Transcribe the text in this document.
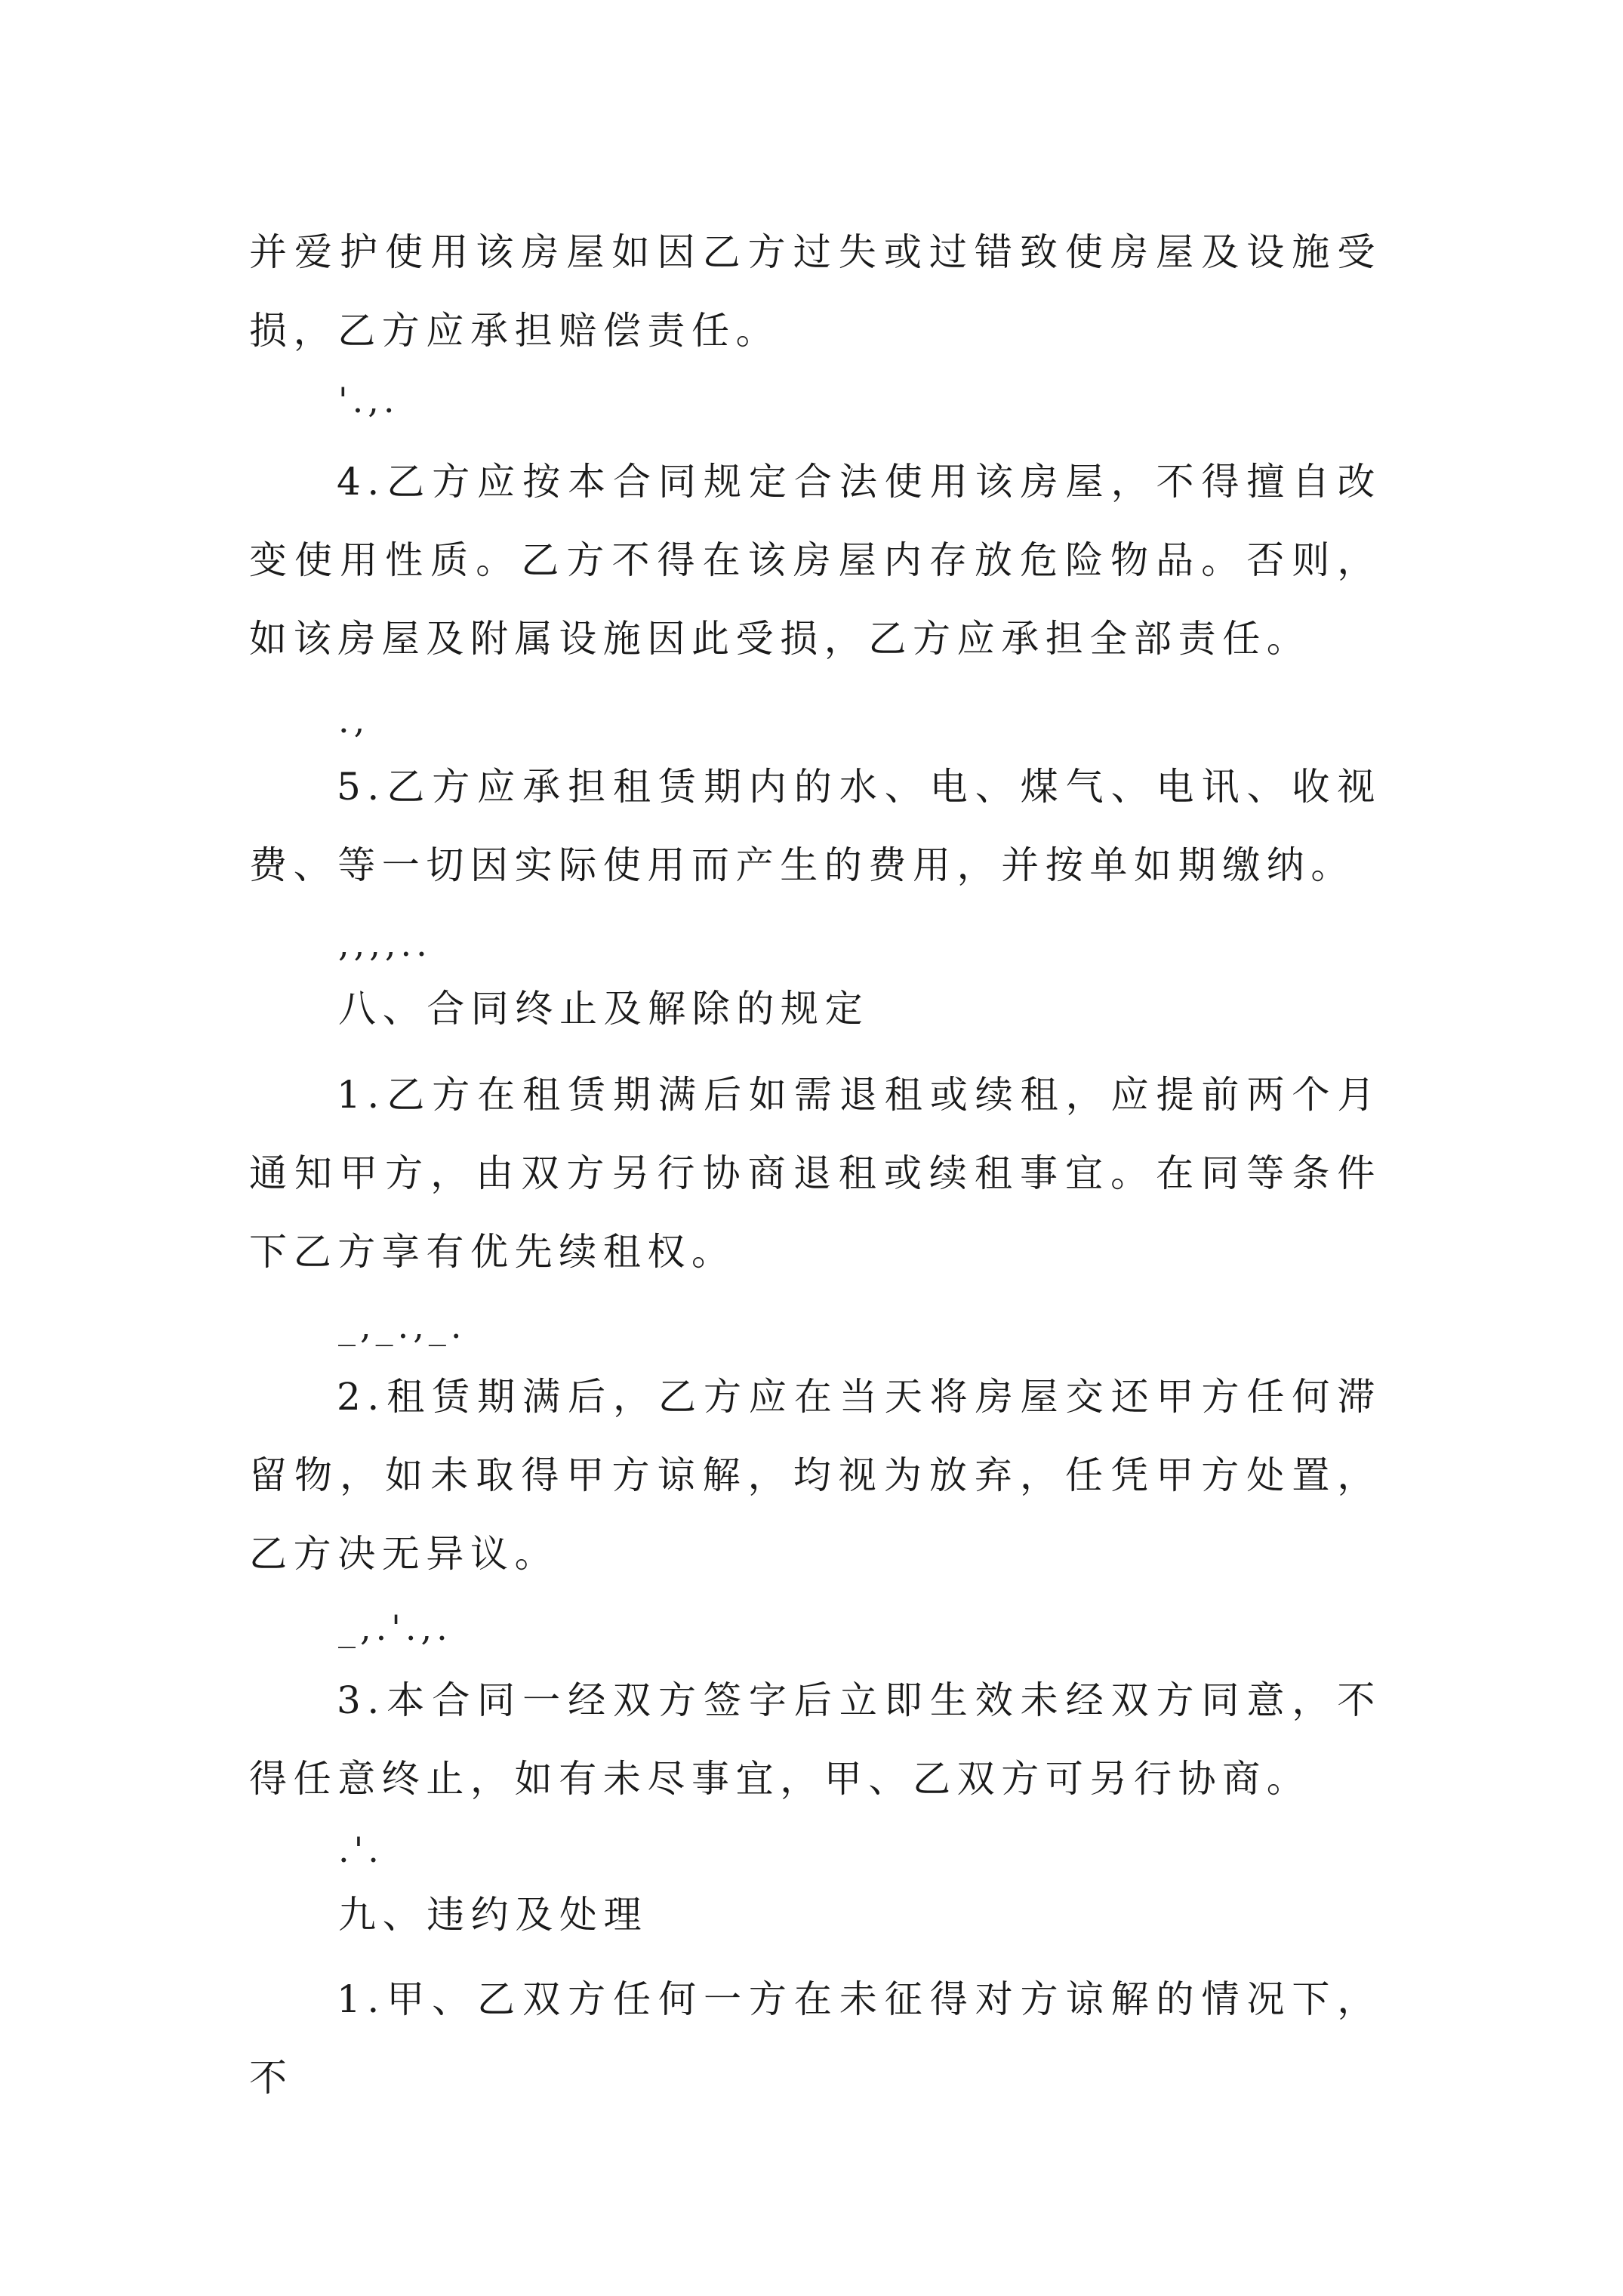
并爱护使用该房屋如因乙方过失或过错致使房屋及设施受损，乙方应承担赔偿责任。

'.,.

4.乙方应按本合同规定合法使用该房屋，不得擅自改变使用性质。乙方不得在该房屋内存放危险物品。否则，如该房屋及附属设施因此受损，乙方应承担全部责任。

.,

5.乙方应承担租赁期内的水、电、煤气、电讯、收视费、等一切因实际使用而产生的费用，并按单如期缴纳。

,,,,..

八、合同终止及解除的规定

1.乙方在租赁期满后如需退租或续租，应提前两个月通知甲方，由双方另行协商退租或续租事宜。在同等条件下乙方享有优先续租权。

_,_.,_.

2.租赁期满后，乙方应在当天将房屋交还甲方任何滞留物，如未取得甲方谅解，均视为放弃，任凭甲方处置，乙方决无异议。

_,.'.,.

3.本合同一经双方签字后立即生效未经双方同意，不得任意终止，如有未尽事宜，甲、乙双方可另行协商。

.'.

九、违约及处理

1.甲、乙双方任何一方在未征得对方谅解的情况下，不
